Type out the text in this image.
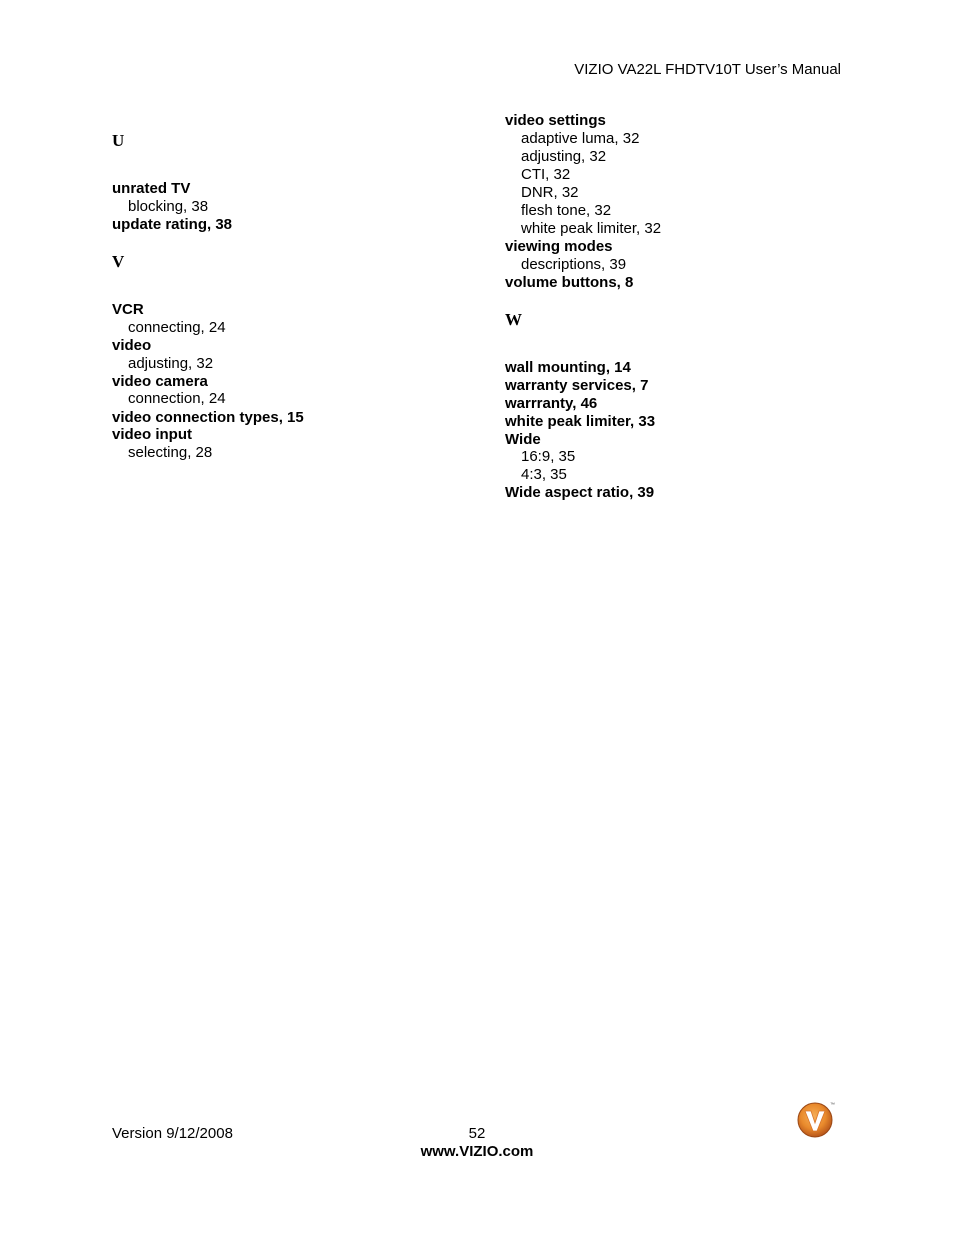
VIZIO VA22L FHDTV10T User’s Manual
U
unrated TV
blocking, 38
update rating, 38
V
VCR
connecting, 24
video
adjusting, 32
video camera
connection, 24
video connection types, 15
video input
selecting, 28
video settings
adaptive luma, 32
adjusting, 32
CTI, 32
DNR, 32
flesh tone, 32
white peak limiter, 32
viewing modes
descriptions, 39
volume buttons, 8
W
wall mounting, 14
warranty services, 7
warrranty, 46
white peak limiter, 33
Wide
16:9, 35
4:3, 35
Wide aspect ratio, 39
Version 9/12/2008	52
www.VIZIO.com
™
